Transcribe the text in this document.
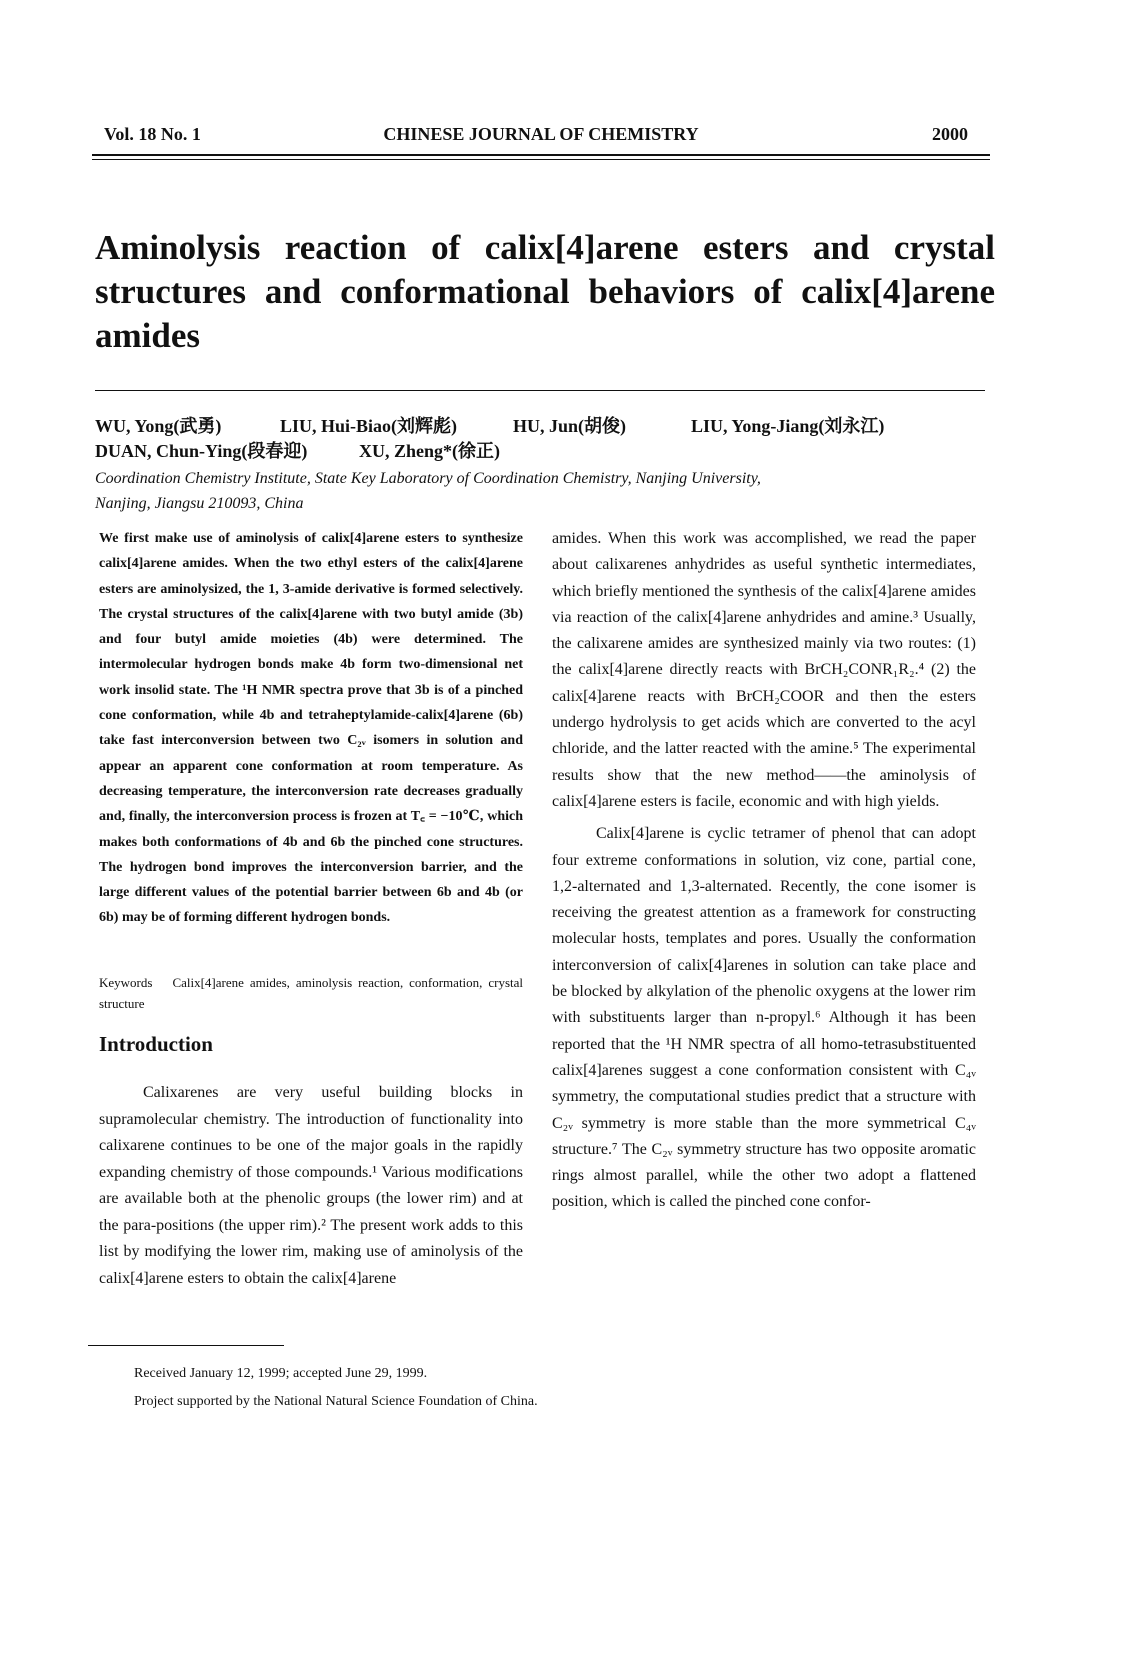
Vol. 18 No. 1	CHINESE JOURNAL OF CHEMISTRY	2000
Aminolysis reaction of calix[4]arene esters and crystal structures and conformational behaviors of calix[4]arene amides
WU, Yong(武勇)	LIU, Hui-Biao(刘辉彪)	HU, Jun(胡俊)	LIU, Yong-Jiang(刘永江)
DUAN, Chun-Ying(段春迎)	XU, Zheng*(徐正)
Coordination Chemistry Institute, State Key Laboratory of Coordination Chemistry, Nanjing University,
Nanjing, Jiangsu 210093, China
We first make use of aminolysis of calix[4]arene esters to synthesize calix[4]arene amides. When the two ethyl esters of the calix[4]arene esters are aminolysized, the 1, 3-amide derivative is formed selectively. The crystal structures of the calix[4]arene with two butyl amide (3b) and four butyl amide moieties (4b) were determined. The intermolecular hydrogen bonds make 4b form two-dimensional net work insolid state. The ¹H NMR spectra prove that 3b is of a pinched cone conformation, while 4b and tetraheptylamide-calix[4]arene (6b) take fast interconversion between two C₂ᵥ isomers in solution and appear an apparent cone conformation at room temperature. As decreasing temperature, the interconversion rate decreases gradually and, finally, the interconversion process is frozen at T꜀ = −10℃, which makes both conformations of 4b and 6b the pinched cone structures. The hydrogen bond improves the interconversion barrier, and the large different values of the potential barrier between 6b and 4b (or 6b) may be of forming different hydrogen bonds.
Keywords Calix[4]arene amides, aminolysis reaction, conformation, crystal structure
Introduction

Calixarenes are very useful building blocks in supramolecular chemistry. The introduction of functionality into calixarene continues to be one of the major goals in the rapidly expanding chemistry of those compounds.¹ Various modifications are available both at the phenolic groups (the lower rim) and at the para-positions (the upper rim).² The present work adds to this list by modifying the lower rim, making use of aminolysis of the calix[4]arene esters to obtain the calix[4]arene

amides. When this work was accomplished, we read the paper about calixarenes anhydrides as useful synthetic intermediates, which briefly mentioned the synthesis of the calix[4]arene amides via reaction of the calix[4]arene anhydrides and amine.³ Usually, the calixarene amides are synthesized mainly via two routes: (1) the calix[4]arene directly reacts with BrCH₂CONR₁R₂.⁴ (2) the calix[4]arene reacts with BrCH₂COOR and then the esters undergo hydrolysis to get acids which are converted to the acyl chloride, and the latter reacted with the amine.⁵ The experimental results show that the new method——the aminolysis of calix[4]arene esters is facile, economic and with high yields.

Calix[4]arene is cyclic tetramer of phenol that can adopt four extreme conformations in solution, viz cone, partial cone, 1,2-alternated and 1,3-alternated. Recently, the cone isomer is receiving the greatest attention as a framework for constructing molecular hosts, templates and pores. Usually the conformation interconversion of calix[4]arenes in solution can take place and be blocked by alkylation of the phenolic oxygens at the lower rim with substituents larger than n-propyl.⁶ Although it has been reported that the ¹H NMR spectra of all homo-tetrasubstituented calix[4]arenes suggest a cone conformation consistent with C₄ᵥ symmetry, the computational studies predict that a structure with C₂ᵥ symmetry is more stable than the more symmetrical C₄ᵥ structure.⁷ The C₂ᵥ symmetry structure has two opposite aromatic rings almost parallel, while the other two adopt a flattened position, which is called the pinched cone confor-

Received January 12, 1999; accepted June 29, 1999.
Project supported by the National Natural Science Foundation of China.
